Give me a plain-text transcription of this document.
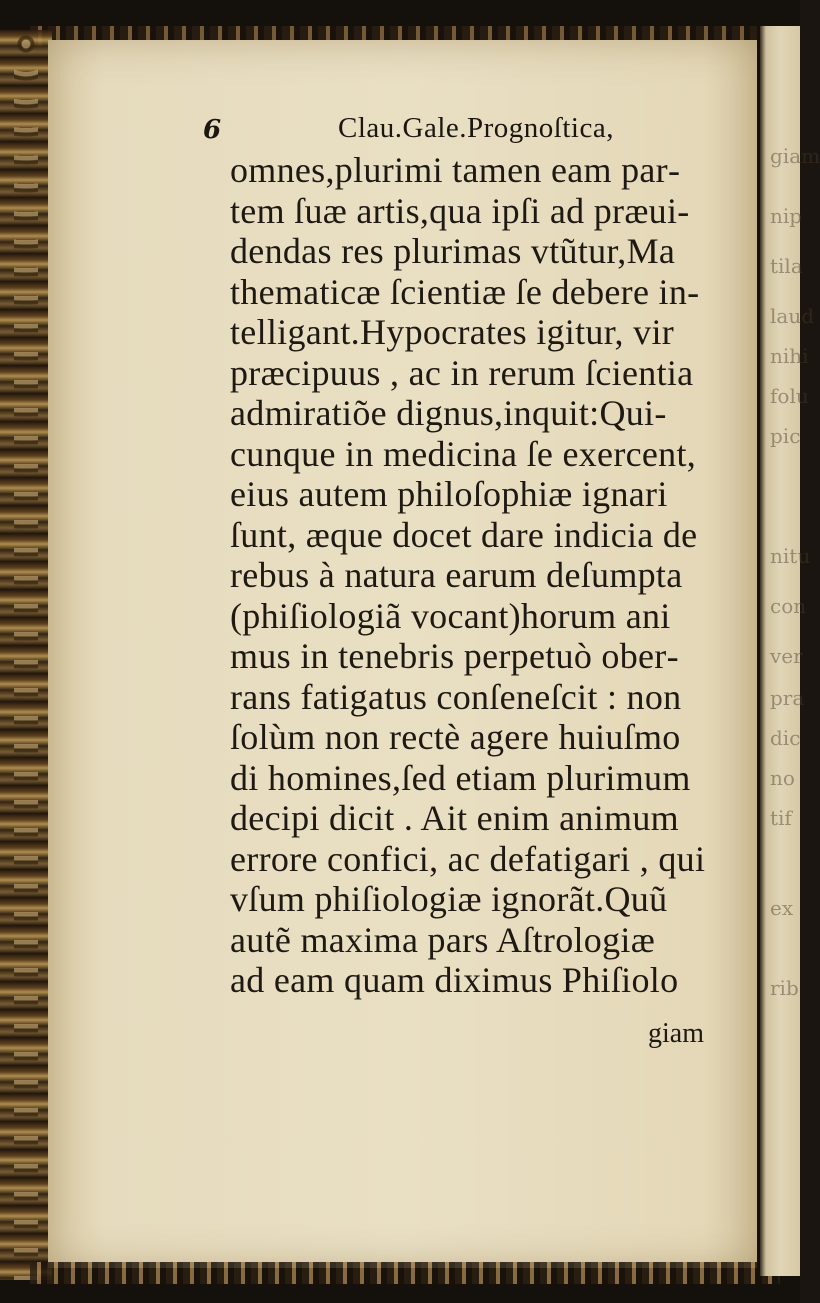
giam
nip
tila
laud
nihi
folu
pic
nitu
con
ver
pra
dic
no
tif
ex
rib
6	Clau.Gale.Prognoſtica,
omnes,plurimi tamen eam par‐
tem ſuæ artis,qua ipſi ad præui‐
dendas res plurimas vtũtur,Ma
thematicæ ſcientiæ ſe debere in‐
telligant.Hypocrates igitur, vir
præcipuus , ac in rerum ſcientia
admiratiõe dignus,inquit:Qui‐
cunque in medicina ſe exercent,
eius autem philoſophiæ ignari
ſunt, æque docet dare indicia de
rebus à natura earum deſumpta
(phiſiologiã vocant)horum ani
mus in tenebris perpetuò ober‐
rans fatigatus conſeneſcit : non
ſolùm non rectè agere huiuſmo
di homines,ſed etiam plurimum
decipi dicit . Ait enim animum
errore confici, ac defatigari , qui
vſum phiſiologiæ ignorãt.Quũ
autẽ maxima pars Aſtrologiæ
ad eam quam diximus Phiſiolo
giam
